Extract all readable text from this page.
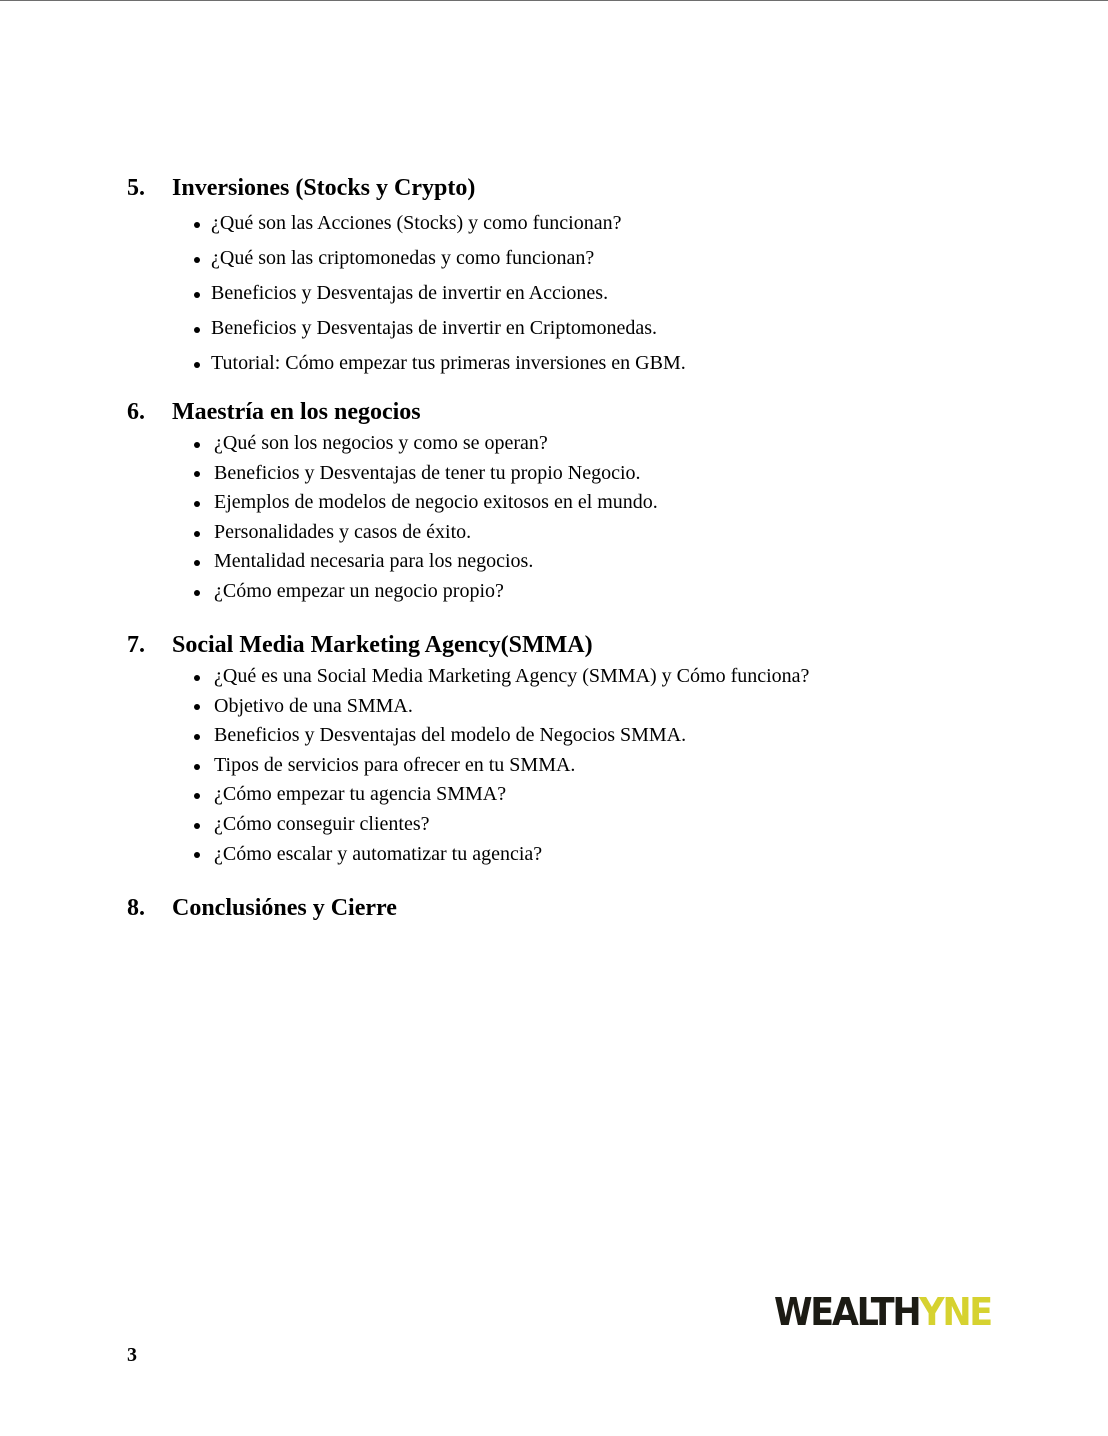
5. Inversiones (Stocks y Crypto)
¿Qué son las Acciones (Stocks) y como funcionan?
¿Qué son las criptomonedas y como funcionan?
Beneficios y Desventajas de invertir en Acciones.
Beneficios y Desventajas de invertir en Criptomonedas.
Tutorial: Cómo empezar tus primeras inversiones en GBM.
6. Maestría en los negocios
¿Qué son los negocios y como se operan?
Beneficios y Desventajas de tener tu propio Negocio.
Ejemplos de modelos de negocio exitosos en el mundo.
Personalidades y casos de éxito.
Mentalidad necesaria para los negocios.
¿Cómo empezar un negocio propio?
7. Social Media Marketing Agency(SMMA)
¿Qué es una Social Media Marketing Agency (SMMA) y Cómo funciona?
Objetivo de una SMMA.
Beneficios y Desventajas del modelo de Negocios SMMA.
Tipos de servicios para ofrecer en tu SMMA.
¿Cómo empezar tu agencia SMMA?
¿Cómo conseguir clientes?
¿Cómo escalar y automatizar tu agencia?
8. Conclusiónes y Cierre
WEALTHYNE
3
